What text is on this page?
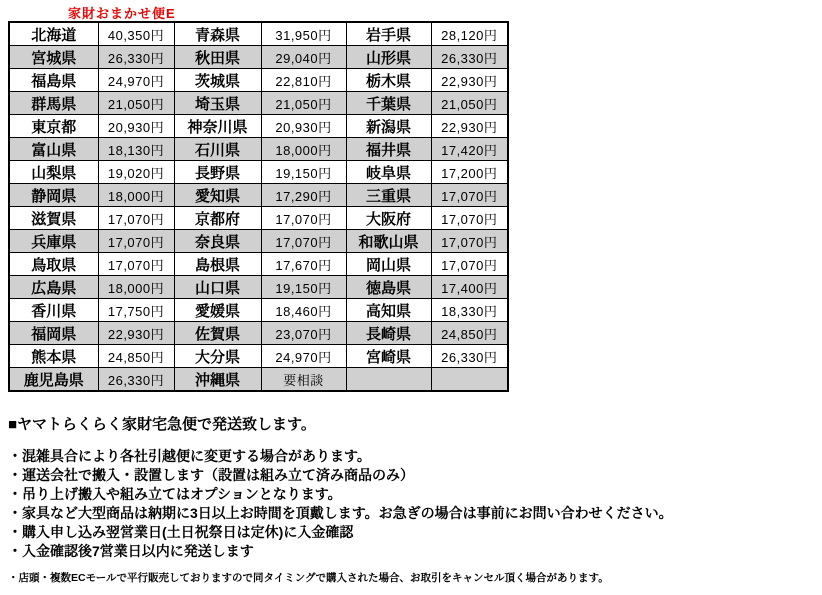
家財おまかせ便E
北海道	40,350円	青森県	31,950円	岩手県	28,120円
宮城県	26,330円	秋田県	29,040円	山形県	26,330円
福島県	24,970円	茨城県	22,810円	栃木県	22,930円
群馬県	21,050円	埼玉県	21,050円	千葉県	21,050円
東京都	20,930円	神奈川県	20,930円	新潟県	22,930円
富山県	18,130円	石川県	18,000円	福井県	17,420円
山梨県	19,020円	長野県	19,150円	岐阜県	17,200円
静岡県	18,000円	愛知県	17,290円	三重県	17,070円
滋賀県	17,070円	京都府	17,070円	大阪府	17,070円
兵庫県	17,070円	奈良県	17,070円	和歌山県	17,070円
鳥取県	17,070円	島根県	17,670円	岡山県	17,070円
広島県	18,000円	山口県	19,150円	徳島県	17,400円
香川県	17,750円	愛媛県	18,460円	高知県	18,330円
福岡県	22,930円	佐賀県	23,070円	長崎県	24,850円
熊本県	24,850円	大分県	24,970円	宮崎県	26,330円
鹿児島県	26,330円	沖縄県	要相談		
■ヤマトらくらく家財宅急便で発送致します。
・混雑具合により各社引越便に変更する場合があります。
・運送会社で搬入・設置します（設置は組み立て済み商品のみ）
・吊り上げ搬入や組み立てはオプションとなります。
・家具など大型商品は納期に3日以上お時間を頂戴します。お急ぎの場合は事前にお問い合わせください。
・購入申し込み翌営業日(土日祝祭日は定休)に入金確認
・入金確認後7営業日以内に発送します
・店頭・複数ECモールで平行販売しておりますので同タイミングで購入された場合、お取引をキャンセル頂く場合があります。
